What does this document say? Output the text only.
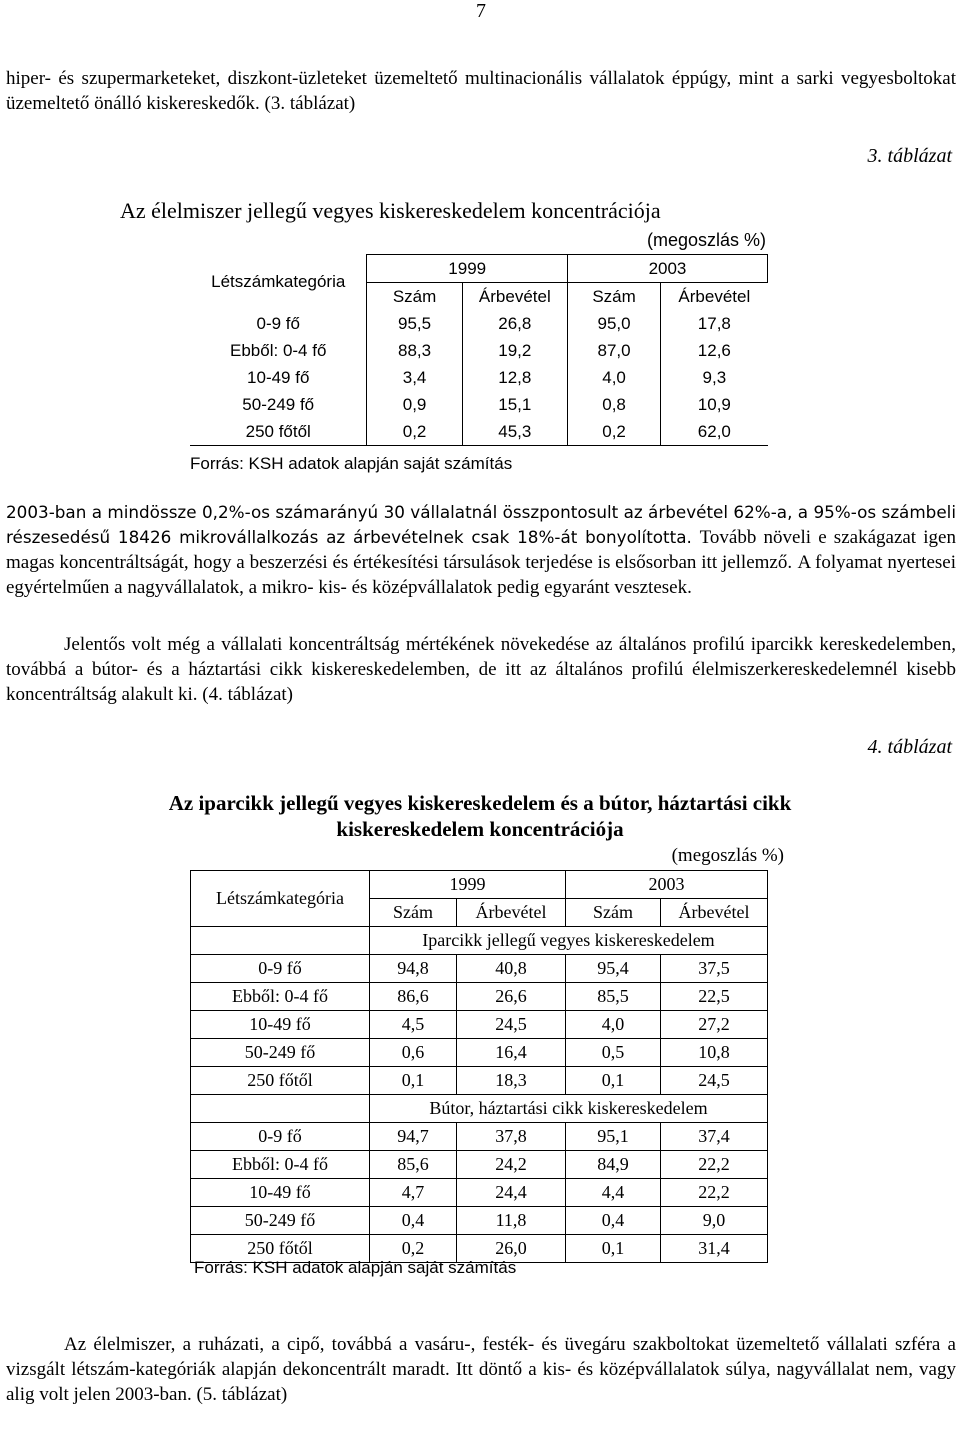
7
hiper- és szupermarketeket, diszkont-üzleteket üzemeltető multinacionális vállalatok éppúgy, mint a sarki vegyesboltokat üzemeltető önálló kiskereskedők. (3. táblázat)
3. táblázat
Az élelmiszer jellegű vegyes kiskereskedelem koncentrációja
(megoszlás %)
Létszámkategória	1999		2003	
	Szám	Árbevétel	Szám	Árbevétel
0-9 fő	95,5	26,8	95,0	17,8
Ebből: 0-4 fő	88,3	19,2	87,0	12,6
10-49 fő	3,4	12,8	4,0	9,3
50-249 fő	0,9	15,1	0,8	10,9
250 főtől	0,2	45,3	0,2	62,0
Forrás: KSH adatok alapján saját számítás
2003-ban a mindössze 0,2%-os számarányú 30 vállalatnál összpontosult az árbevétel 62%-a, a 95%-os számbeli részesedésű 18426 mikrovállalkozás az árbevételnek csak 18%-át bonyolította. Tovább növeli e szakágazat igen magas koncentráltságát, hogy a beszerzési és értékesítési társulások terjedése is elsősorban itt jellemző. A folyamat nyertesei egyértelműen a nagyvállalatok, a mikro- kis- és középvállalatok pedig egyaránt vesztesek.
Jelentős volt még a vállalati koncentráltság mértékének növekedése az általános profilú iparcikk kereskedelemben, továbbá a bútor- és a háztartási cikk kiskereskedelemben, de itt az általános profilú élelmiszerkereskedelemnél kisebb koncentráltság alakult ki. (4. táblázat)
4. táblázat
Az iparcikk jellegű vegyes kiskereskedelem és a bútor, háztartási cikk
kiskereskedelem koncentrációja
(megoszlás %)
Létszámkategória	1999		2003	
	Szám	Árbevétel	Szám	Árbevétel
	Iparcikk jellegű vegyes kiskereskedelem			
0-9 fő	94,8	40,8	95,4	37,5
Ebből: 0-4 fő	86,6	26,6	85,5	22,5
10-49 fő	4,5	24,5	4,0	27,2
50-249 fő	0,6	16,4	0,5	10,8
250 főtől	0,1	18,3	0,1	24,5
	Bútor, háztartási cikk kiskereskedelem			
0-9 fő	94,7	37,8	95,1	37,4
Ebből: 0-4 fő	85,6	24,2	84,9	22,2
10-49 fő	4,7	24,4	4,4	22,2
50-249 fő	0,4	11,8	0,4	9,0
250 főtől	0,2	26,0	0,1	31,4
Forrás: KSH adatok alapján saját számítás
Az élelmiszer, a ruházati, a cipő, továbbá a vasáru-, festék- és üvegáru szakboltokat üzemeltető vállalati szféra a vizsgált létszám-kategóriák alapján dekoncentrált maradt. Itt döntő a kis- és középvállalatok súlya, nagyvállalat nem, vagy alig volt jelen 2003-ban. (5. táblázat)
